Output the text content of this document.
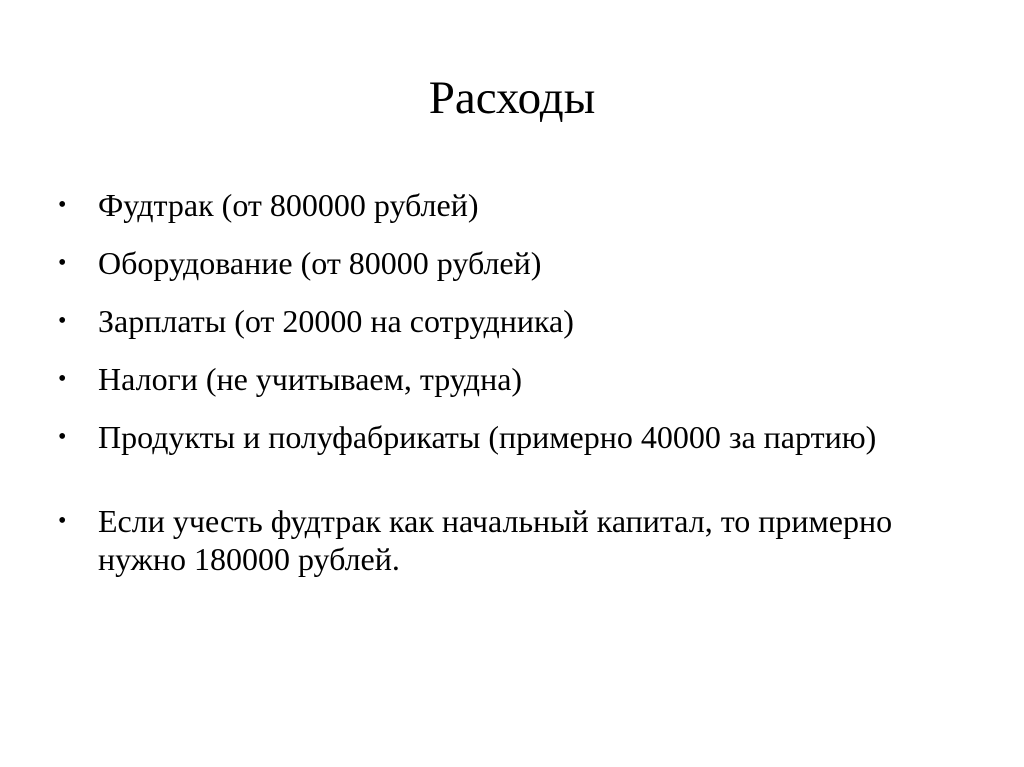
Расходы
• Фудтрак (от 800000 рублей)
• Оборудование (от 80000 рублей)
• Зарплаты (от 20000 на сотрудника)
• Налоги (не учитываем, трудна)
• Продукты и полуфабрикаты (примерно 40000 за партию)
• Если учесть фудтрак как начальный капитал, то примерно нужно 180000 рублей.
